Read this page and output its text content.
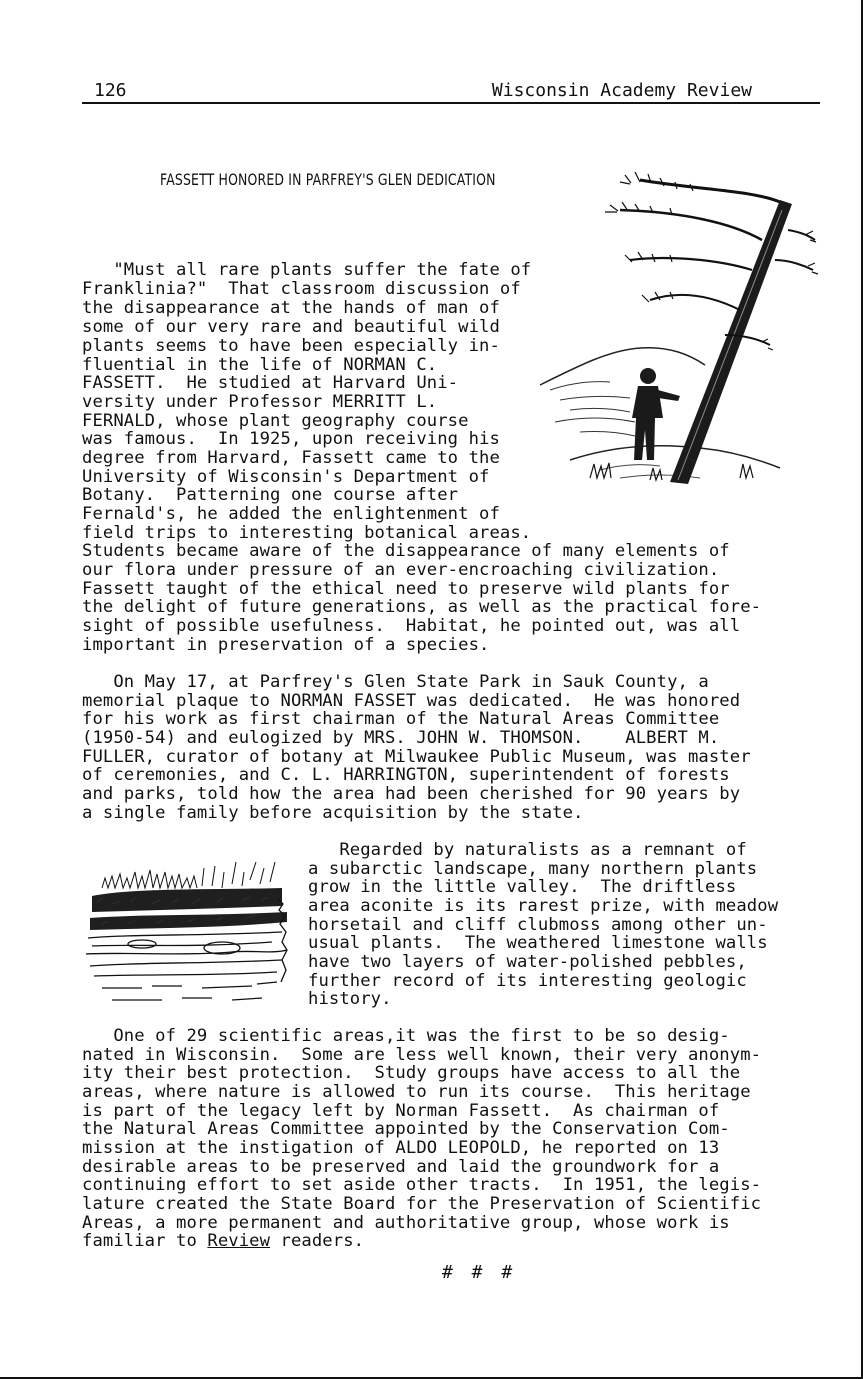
126	Wisconsin Academy Review
FASSETT HONORED IN PARFREY'S GLEN DEDICATION
"Must all rare plants suffer the fate of
Franklinia?"  That classroom discussion of
the disappearance at the hands of man of
some of our very rare and beautiful wild
plants seems to have been especially in-
fluential in the life of NORMAN C.
FASSETT.  He studied at Harvard Uni-
versity under Professor MERRITT L.
FERNALD, whose plant geography course
was famous.  In 1925, upon receiving his
degree from Harvard, Fassett came to the
University of Wisconsin's Department of
Botany.  Patterning one course after
Fernald's, he added the enlightenment of
field trips to interesting botanical areas.
Students became aware of the disappearance of many elements of
our flora under pressure of an ever-encroaching civilization.
Fassett taught of the ethical need to preserve wild plants for
the delight of future generations, as well as the practical fore-
sight of possible usefulness.  Habitat, he pointed out, was all
important in preservation of a species.
On May 17, at Parfrey's Glen State Park in Sauk County, a
memorial plaque to NORMAN FASSET was dedicated.  He was honored
for his work as first chairman of the Natural Areas Committee
(1950-54) and eulogized by MRS. JOHN W. THOMSON.    ALBERT M.
FULLER, curator of botany at Milwaukee Public Museum, was master
of ceremonies, and C. L. HARRINGTON, superintendent of forests
and parks, told how the area had been cherished for 90 years by
a single family before acquisition by the state.
Regarded by naturalists as a remnant of
a subarctic landscape, many northern plants
grow in the little valley.  The driftless
area aconite is its rarest prize, with meadow
horsetail and cliff clubmoss among other un-
usual plants.  The weathered limestone walls
have two layers of water-polished pebbles,
further record of its interesting geologic
history.
One of 29 scientific areas,it was the first to be so desig-
nated in Wisconsin.  Some are less well known, their very anonym-
ity their best protection.  Study groups have access to all the
areas, where nature is allowed to run its course.  This heritage
is part of the legacy left by Norman Fassett.  As chairman of
the Natural Areas Committee appointed by the Conservation Com-
mission at the instigation of ALDO LEOPOLD, he reported on 13
desirable areas to be preserved and laid the groundwork for a
continuing effort to set aside other tracts.  In 1951, the legis-
lature created the State Board for the Preservation of Scientific
Areas, a more permanent and authoritative group, whose work is
familiar to Review readers.
# # #
